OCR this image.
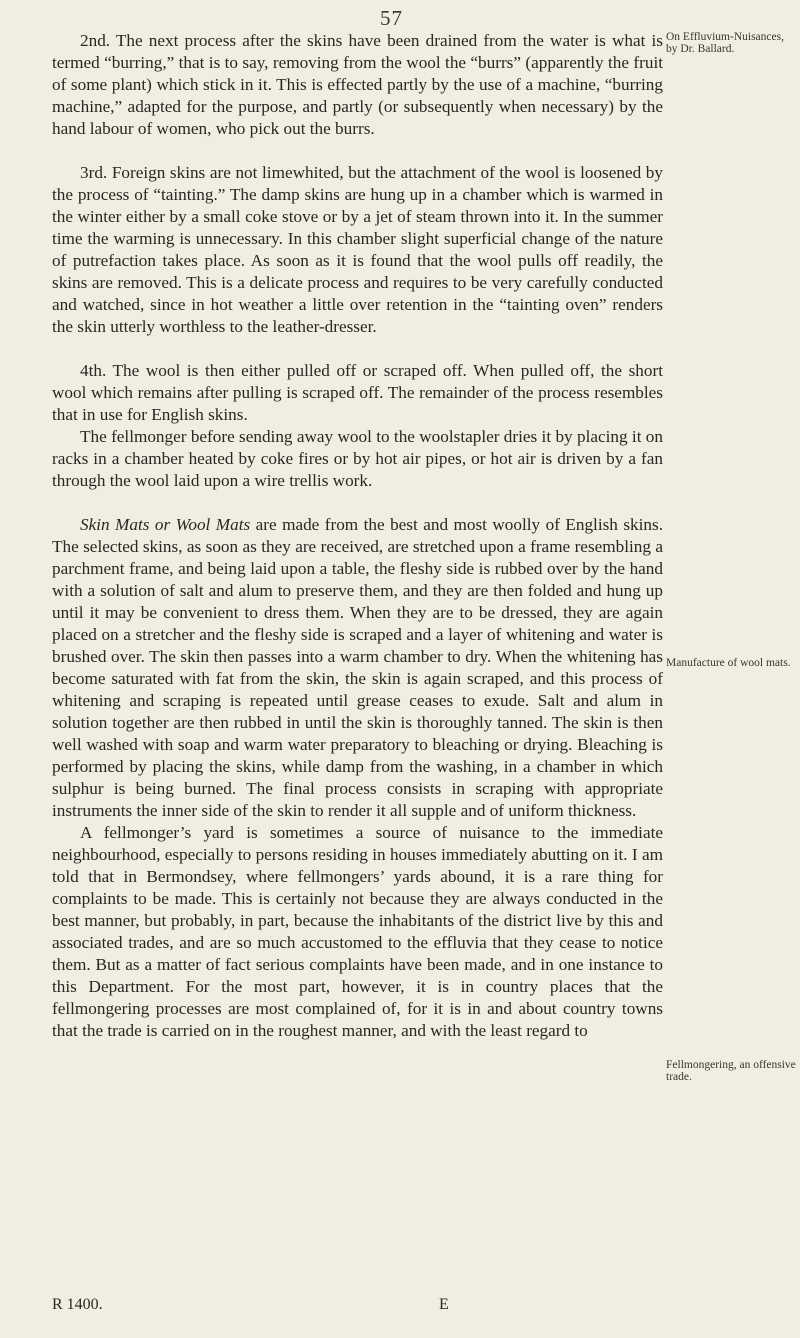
57
On Effluvium-Nuisances, by Dr. Ballard.
Manufacture of wool mats.
Fellmongering, an offensive trade.

2nd. The next process after the skins have been drained from the water is what is termed “burring,” that is to say, removing from the wool the “burrs” (apparently the fruit of some plant) which stick in it. This is effected partly by the use of a machine, “burring machine,” adapted for the purpose, and partly (or subsequently when necessary) by the hand labour of women, who pick out the burrs.

3rd. Foreign skins are not limewhited, but the attachment of the wool is loosened by the process of “tainting.” The damp skins are hung up in a chamber which is warmed in the winter either by a small coke stove or by a jet of steam thrown into it. In the summer time the warming is unnecessary. In this chamber slight superficial change of the nature of putrefaction takes place. As soon as it is found that the wool pulls off readily, the skins are removed. This is a delicate process and requires to be very carefully conducted and watched, since in hot weather a little over retention in the “tainting oven” renders the skin utterly worthless to the leather-dresser.

4th. The wool is then either pulled off or scraped off. When pulled off, the short wool which remains after pulling is scraped off. The remainder of the process resembles that in use for English skins.

The fellmonger before sending away wool to the woolstapler dries it by placing it on racks in a chamber heated by coke fires or by hot air pipes, or hot air is driven by a fan through the wool laid upon a wire trellis work.

Skin Mats or Wool Mats are made from the best and most woolly of English skins. The selected skins, as soon as they are received, are stretched upon a frame resembling a parchment frame, and being laid upon a table, the fleshy side is rubbed over by the hand with a solution of salt and alum to preserve them, and they are then folded and hung up until it may be convenient to dress them. When they are to be dressed, they are again placed on a stretcher and the fleshy side is scraped and a layer of whitening and water is brushed over. The skin then passes into a warm chamber to dry. When the whitening has become saturated with fat from the skin, the skin is again scraped, and this process of whitening and scraping is repeated until grease ceases to exude. Salt and alum in solution together are then rubbed in until the skin is thoroughly tanned. The skin is then well washed with soap and warm water preparatory to bleaching or drying. Bleaching is performed by placing the skins, while damp from the washing, in a chamber in which sulphur is being burned. The final process consists in scraping with appropriate instruments the inner side of the skin to render it all supple and of uniform thickness.

A fellmonger’s yard is sometimes a source of nuisance to the immediate neighbourhood, especially to persons residing in houses immediately abutting on it. I am told that in Bermondsey, where fellmongers’ yards abound, it is a rare thing for complaints to be made. This is certainly not because they are always conducted in the best manner, but probably, in part, because the inhabitants of the district live by this and associated trades, and are so much accustomed to the effluvia that they cease to notice them. But as a matter of fact serious complaints have been made, and in one instance to this Department. For the most part, however, it is in country places that the fellmongering processes are most complained of, for it is in and about country towns that the trade is carried on in the roughest manner, and with the least regard to

R 1400.	E
